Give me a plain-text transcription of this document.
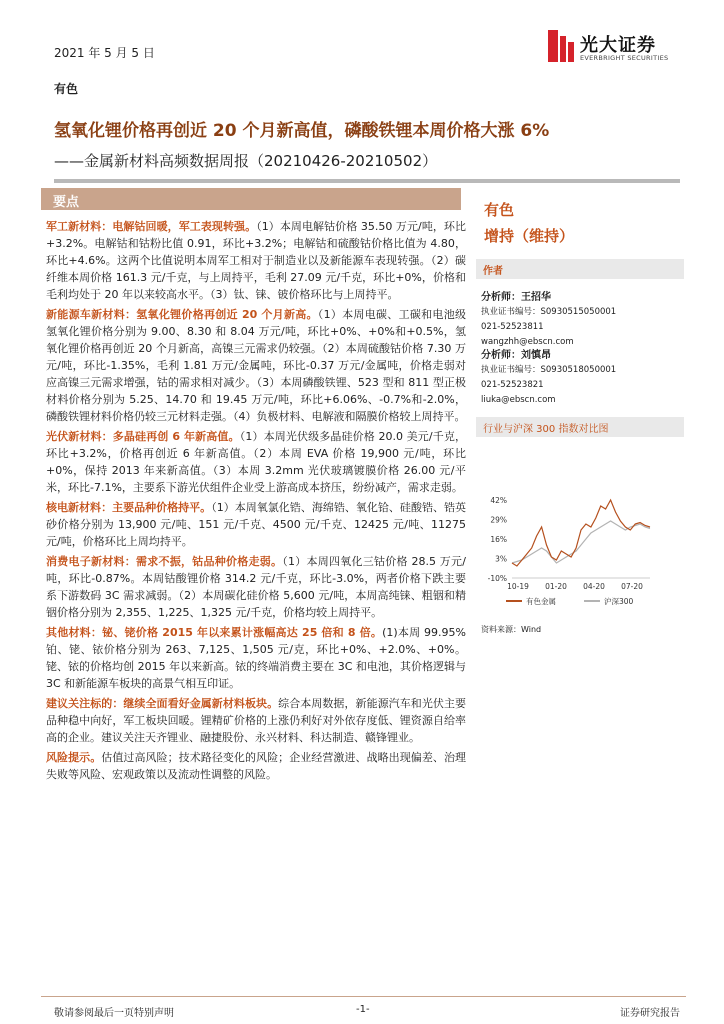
2021 年 5 月 5 日	光大证券
EVERBRIGHT SECURITIES
有色
氢氧化锂价格再创近 20 个月新高值，磷酸铁锂本周价格大涨 6%
——金属新材料高频数据周报（20210426-20210502）
要点

军工新材料：电解钴回暖，军工表现转强。（1）本周电解钴价格 35.50 万元/吨，环比+3.2%。电解钴和钴粉比值 0.91，环比+3.2%；电解钴和硫酸钴价格比值为 4.80，环比+4.6%。这两个比值说明本周军工相对于制造业以及新能源车表现转强。（2）碳纤维本周价格 161.3 元/千克，与上周持平，毛利 27.09 元/千克，环比+0%，价格和毛利均处于 20 年以来较高水平。（3）钛、铼、铍价格环比与上周持平。

新能源车新材料：氢氧化锂价格再创近 20 个月新高。（1）本周电碳、工碳和电池级氢氧化锂价格分别为 9.00、8.30 和 8.04 万元/吨，环比+0%、+0%和+0.5%，氢氧化锂价格再创近 20 个月新高，高镍三元需求仍较强。（2）本周硫酸钴价格 7.30 万元/吨，环比-1.35%，毛利 1.81 万元/金属吨，环比-0.37 万元/金属吨，价格走弱对应高镍三元需求增强，钴的需求相对减少。（3）本周磷酸铁锂、523 型和 811 型正极材料价格分别为 5.25、14.70 和 19.45 万元/吨，环比+6.06%、-0.7%和-2.0%，磷酸铁锂材料价格仍较三元材料走强。（4）负极材料、电解液和隔膜价格较上周持平。

光伏新材料：多晶硅再创 6 年新高值。（1）本周光伏级多晶硅价格 20.0 美元/千克，环比+3.2%，价格再创近 6 年新高值。（2）本周 EVA 价格 19,900 元/吨，环比+0%，保持 2013 年来新高值。（3）本周 3.2mm 光伏玻璃镀膜价格 26.00 元/平米，环比-7.1%，主要系下游光伏组件企业受上游高成本挤压，纷纷减产，需求走弱。

核电新材料：主要品种价格持平。（1）本周氧氯化锆、海绵锆、氧化铪、硅酸锆、锆英砂价格分别为 13,900 元/吨、151 元/千克、4500 元/千克、12425 元/吨、11275 元/吨，价格环比上周均持平。

消费电子新材料：需求不振，钴品种价格走弱。（1）本周四氧化三钴价格 28.5 万元/吨，环比-0.87%。本周钴酸锂价格 314.2 元/千克，环比-3.0%，两者价格下跌主要系下游数码 3C 需求减弱。（2）本周碳化硅价格 5,600 元/吨，本周高纯铼、粗铟和精铟价格分别为 2,355、1,225、1,325 元/千克，价格均较上周持平。

其他材料：铋、铑价格 2015 年以来累计涨幅高达 25 倍和 8 倍。(1)本周 99.95%铂、铑、铱价格分别为 263、7,125、1,505 元/克，环比+0%、+2.0%、+0%。铑、铱的价格均创 2015 年以来新高。铱的终端消费主要在 3C 和电池，其价格逻辑与 3C 和新能源车板块的高景气相互印证。

建议关注标的：继续全面看好金属新材料板块。综合本周数据，新能源汽车和光伏主要品种稳中向好，军工板块回暖。锂精矿价格的上涨仍利好对外依存度低、锂资源自给率高的企业。建议关注天齐锂业、融捷股份、永兴材料、科达制造、赣锋锂业。

风险提示。估值过高风险；技术路径变化的风险；企业经营激进、战略出现偏差、治理失败等风险、宏观政策以及流动性调整的风险。

有色
增持（维持）
作者
分析师：王招华
执业证书编号：S0930515050001
021-52523811
wangzhh@ebscn.com
分析师：刘慎昂
执业证书编号：S0930518050001
021-52523821
liuka@ebscn.com
行业与沪深 300 指数对比图
42%
29%
16%
3%
-10%
10-19 01-20 04-20 07-20
有色金属	沪深300
资料来源：Wind
敬请参阅最后一页特别声明	-1-	证券研究报告
